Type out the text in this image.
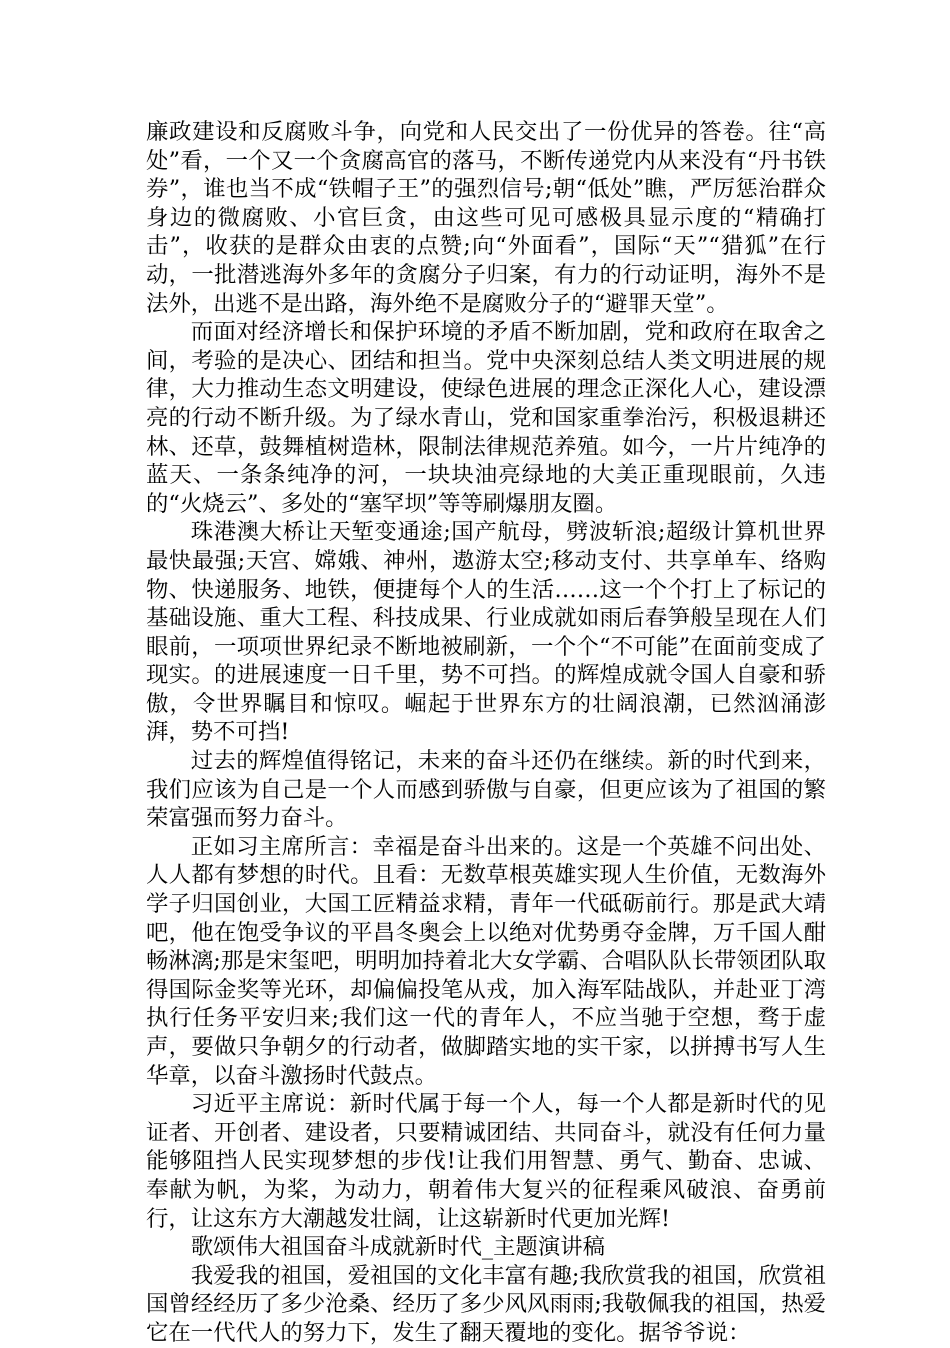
廉政建设和反腐败斗争，向党和人民交出了一份优异的答卷。往“高处”看，一个又一个贪腐高官的落马，不断传递党内从来没有“丹书铁券”，谁也当不成“铁帽子王”的强烈信号;朝“低处”瞧，严厉惩治群众身边的微腐败、小官巨贪，由这些可见可感极具显示度的“精确打击”，收获的是群众由衷的点赞;向“外面看”，国际“天”“猎狐”在行动，一批潜逃海外多年的贪腐分子归案，有力的行动证明，海外不是法外，出逃不是出路，海外绝不是腐败分子的“避罪天堂”。

而面对经济增长和保护环境的矛盾不断加剧，党和政府在取舍之间，考验的是决心、团结和担当。党中央深刻总结人类文明进展的规律，大力推动生态文明建设，使绿色进展的理念正深化人心，建设漂亮的行动不断升级。为了绿水青山，党和国家重拳治污，积极退耕还林、还草，鼓舞植树造林，限制法律规范养殖。如今，一片片纯净的蓝天、一条条纯净的河，一块块油亮绿地的大美正重现眼前，久违的“火烧云”、多处的“塞罕坝”等等刷爆朋友圈。

珠港澳大桥让天堑变通途;国产航母，劈波斩浪;超级计算机世界最快最强;天宫、嫦娥、神州，遨游太空;移动支付、共享单车、络购物、快递服务、地铁，便捷每个人的生活……这一个个打上了标记的基础设施、重大工程、科技成果、行业成就如雨后春笋般呈现在人们眼前，一项项世界纪录不断地被刷新，一个个“不可能”在面前变成了现实。的进展速度一日千里，势不可挡。的辉煌成就令国人自豪和骄傲，令世界瞩目和惊叹。崛起于世界东方的壮阔浪潮，已然汹涌澎湃，势不可挡!

过去的辉煌值得铭记，未来的奋斗还仍在继续。新的时代到来，我们应该为自己是一个人而感到骄傲与自豪，但更应该为了祖国的繁荣富强而努力奋斗。

正如习主席所言：幸福是奋斗出来的。这是一个英雄不问出处、人人都有梦想的时代。且看：无数草根英雄实现人生价值，无数海外学子归国创业，大国工匠精益求精，青年一代砥砺前行。那是武大靖吧，他在饱受争议的平昌冬奥会上以绝对优势勇夺金牌，万千国人酣畅淋漓;那是宋玺吧，明明加持着北大女学霸、合唱队队长带领团队取得国际金奖等光环，却偏偏投笔从戎，加入海军陆战队，并赴亚丁湾执行任务平安归来;我们这一代的青年人，不应当驰于空想，骛于虚声，要做只争朝夕的行动者，做脚踏实地的实干家，以拼搏书写人生华章，以奋斗激扬时代鼓点。

习近平主席说：新时代属于每一个人，每一个人都是新时代的见证者、开创者、建设者，只要精诚团结、共同奋斗，就没有任何力量能够阻挡人民实现梦想的步伐!让我们用智慧、勇气、勤奋、忠诚、奉献为帆，为桨，为动力，朝着伟大复兴的征程乘风破浪、奋勇前行，让这东方大潮越发壮阔，让这崭新时代更加光辉!

歌颂伟大祖国奋斗成就新时代_主题演讲稿

我爱我的祖国，爱祖国的文化丰富有趣;我欣赏我的祖国，欣赏祖国曾经经历了多少沧桑、经历了多少风风雨雨;我敬佩我的祖国，热爱它在一代代人的努力下，发生了翻天覆地的变化。据爷爷说：
